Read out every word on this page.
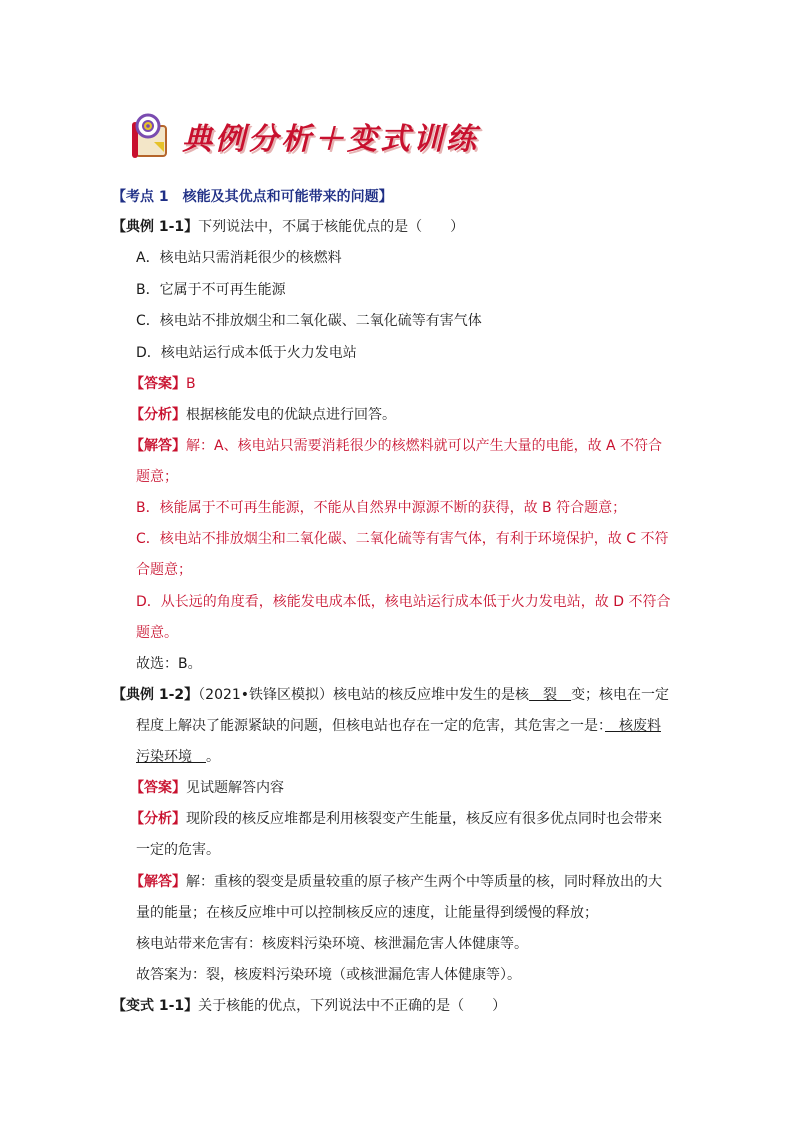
典例分析＋变式训练
【考点 1　核能及其优点和可能带来的问题】
【典例 1-1】下列说法中，不属于核能优点的是（　　）
A．核电站只需消耗很少的核燃料
B．它属于不可再生能源
C．核电站不排放烟尘和二氧化碳、二氧化硫等有害气体
D．核电站运行成本低于火力发电站
【答案】B
【分析】根据核能发电的优缺点进行回答。
【解答】解：A、核电站只需要消耗很少的核燃料就可以产生大量的电能，故 A 不符合
题意；
B．核能属于不可再生能源，不能从自然界中源源不断的获得，故 B 符合题意；
C．核电站不排放烟尘和二氧化碳、二氧化硫等有害气体，有利于环境保护，故 C 不符
合题意；
D．从长远的角度看，核能发电成本低，核电站运行成本低于火力发电站，故 D 不符合
题意。
故选：B。
【典例 1-2】（2021•铁锋区模拟）核电站的核反应堆中发生的是核　裂　变；核电在一定
程度上解决了能源紧缺的问题，但核电站也存在一定的危害，其危害之一是：　核废料
污染环境　。
【答案】见试题解答内容
【分析】现阶段的核反应堆都是利用核裂变产生能量，核反应有很多优点同时也会带来
一定的危害。
【解答】解：重核的裂变是质量较重的原子核产生两个中等质量的核，同时释放出的大
量的能量；在核反应堆中可以控制核反应的速度，让能量得到缓慢的释放；
核电站带来危害有：核废料污染环境、核泄漏危害人体健康等。
故答案为：裂，核废料污染环境（或核泄漏危害人体健康等）。
【变式 1-1】关于核能的优点，下列说法中不正确的是（　　）
